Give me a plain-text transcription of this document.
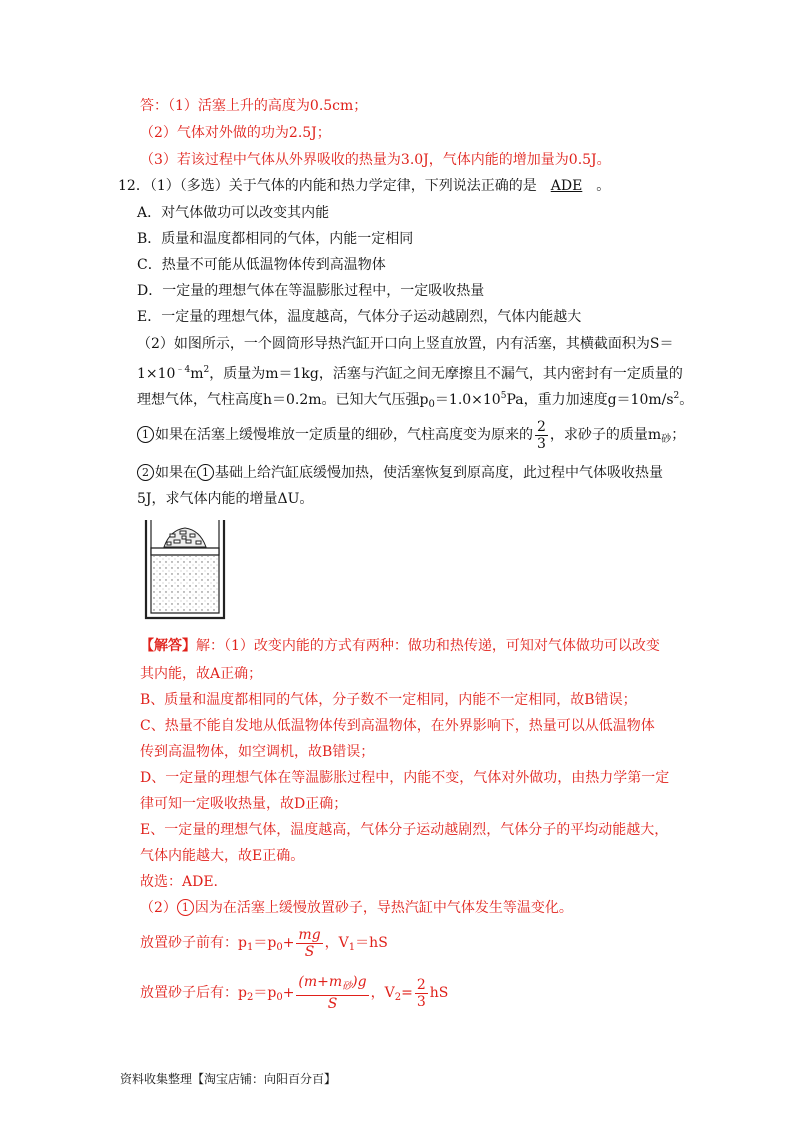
答：（1）活塞上升的高度为0.5cm；
（2）气体对外做的功为2.5J；
（3）若该过程中气体从外界吸收的热量为3.0J，气体内能的增加量为0.5J。
12．（1）（多选）关于气体的内能和热力学定律，下列说法正确的是 ADE 。
A．对气体做功可以改变其内能
B．质量和温度都相同的气体，内能一定相同
C．热量不可能从低温物体传到高温物体
D．一定量的理想气体在等温膨胀过程中，一定吸收热量
E．一定量的理想气体，温度越高，气体分子运动越剧烈，气体内能越大
（2）如图所示，一个圆筒形导热汽缸开口向上竖直放置，内有活塞，其横截面积为S＝
$1\times 10^{﹣4}m^2$，质量为m＝1kg，活塞与汽缸之间无摩擦且不漏气，其内密封有一定质量的
理想气体，气柱高度h＝0.2m。已知大气压强$p_0=1.0\times 10^5Pa$，重力加速度$g=10m/s^2$。
1 如果在活塞上缓慢堆放一定质量的细砂，气柱高度变为原来的 $\frac{2}{3}$ ，求砂子的质量$m_砂$；
2 如果在 1 基础上给汽缸底缓慢加热，使活塞恢复到原高度，此过程中气体吸收热量
5J，求气体内能的增量ΔU。
【解答】解：（1）改变内能的方式有两种：做功和热传递，可知对气体做功可以改变
其内能，故A正确；
B、质量和温度都相同的气体，分子数不一定相同，内能不一定相同，故B错误；
C、热量不能自发地从低温物体传到高温物体，在外界影响下，热量可以从低温物体
传到高温物体，如空调机，故B错误；
D、一定量的理想气体在等温膨胀过程中，内能不变，气体对外做功，由热力学第一定
律可知一定吸收热量，故D正确；
E、一定量的理想气体，温度越高，气体分子运动越剧烈，气体分子的平均动能越大，
气体内能越大，故E正确。
故选：ADE.
（2） 1 因为在活塞上缓慢放置砂子，导热汽缸中气体发生等温变化。
放置砂子前有：$p_1=p_0+ \frac{mg}{S}$ ，$V_1=hS$
放置砂子后有：$p_2=p_0+ \frac{(m+m_砂)g}{S}$ ，$V_2= \frac{2}{3}$ hS
资料收集整理【淘宝店铺：向阳百分百】
